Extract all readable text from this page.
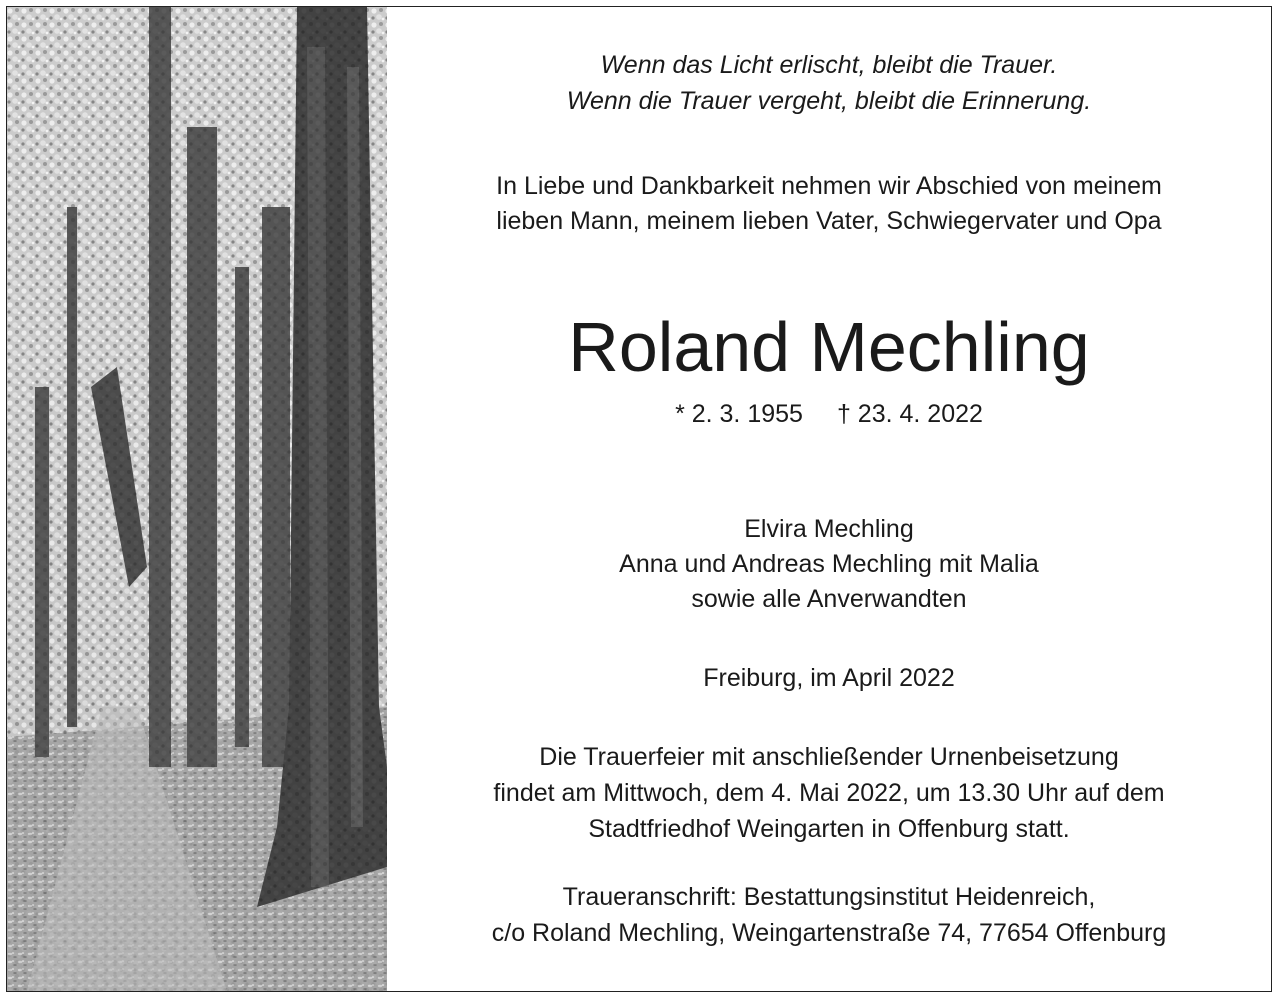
Wenn das Licht erlischt, bleibt die Trauer.
Wenn die Trauer vergeht, bleibt die Erinnerung.

In Liebe und Dankbarkeit nehmen wir Abschied von meinem
lieben Mann, meinem lieben Vater, Schwiegervater und Opa

Roland Mechling

* 2. 3. 1955 † 23. 4. 2022

Elvira Mechling
Anna und Andreas Mechling mit Malia
sowie alle Anverwandten

Freiburg, im April 2022

Die Trauerfeier mit anschließender Urnenbeisetzung
findet am Mittwoch, dem 4. Mai 2022, um 13.30 Uhr auf dem
Stadtfriedhof Weingarten in Offenburg statt.

Traueranschrift: Bestattungsinstitut Heidenreich,
c/o Roland Mechling, Weingartenstraße 74, 77654 Offenburg
